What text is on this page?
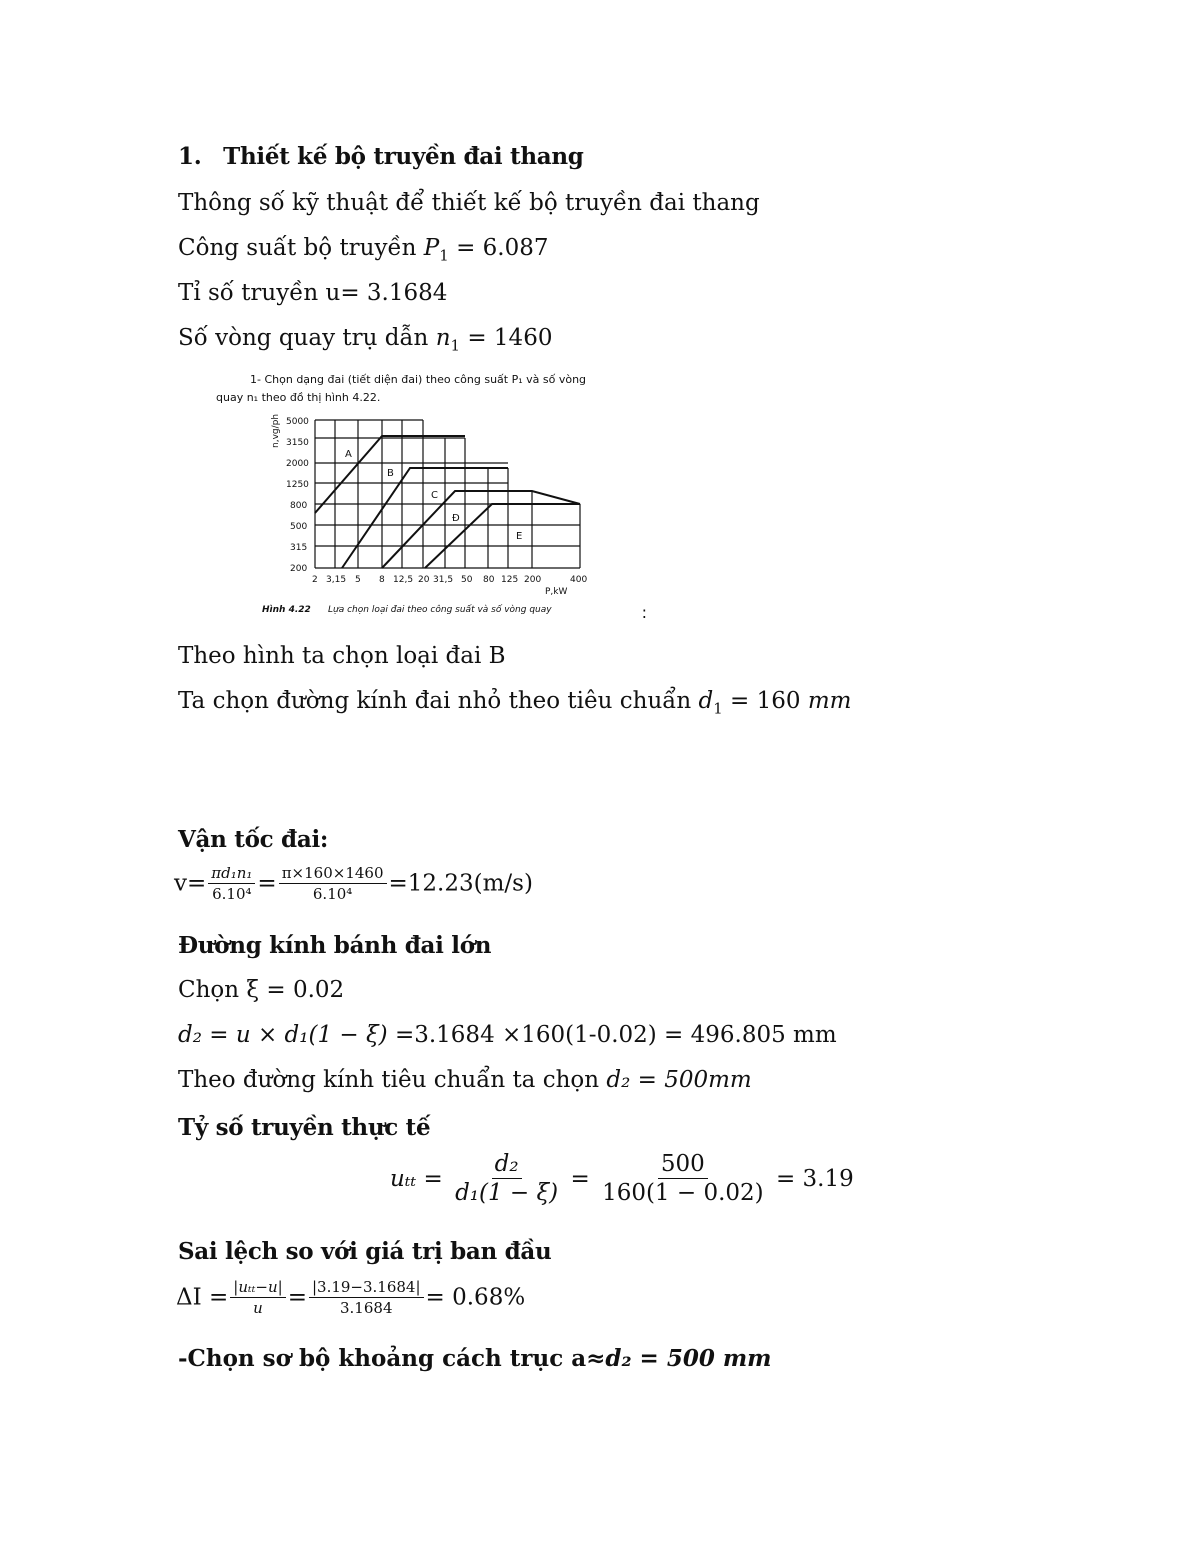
1. Thiết kế bộ truyền đai thang
Thông số kỹ thuật để thiết kế bộ truyền đai thang
Công suất bộ truyền $P_1 = 6.087$
Tỉ số truyền u= 3.1684
Số vòng quay trụ dẫn $n_1 = 1460$
1- Chọn dạng đai (tiết diện đai) theo công suất P₁ và số vòng
quay n₁ theo đồ thị hình 4.22.
n,vg/ph 5000
3150
2000
1250
800
500
315
200
2 3,15 5 8 12,5 20 31,5 50 80 125 200	400
P,kW
A
B
C
Đ
E
Hình 4.22 Lựa chọn loại đai theo công suất và số vòng quay	:
Theo hình ta chọn loại đai B
Ta chọn đường kính đai nhỏ theo tiêu chuẩn $d_1 = 160$ mm
Vận tốc đai:
$v= \frac{\text{πd₁n₁}}{\text{6.10⁴}} = \frac{\pi\times 160\times 1460}{\text{6.10⁴}} =12.23(m/s)$
Đường kính bánh đai lớn
Chọn ξ = 0.02
d₂ = u × d₁(1 − ξ) =3.1684 ×160(1-0.02) = 496.805 mm
Theo đường kính tiêu chuẩn ta chọn d₂ = 500mm
Tỷ số truyền thực tế
$u_{tt} = \frac{\text{d₂}}{\text{d₁(1 − ξ)}} = \frac{500}{160(1 - 0.02)} = 3.19$
Sai lệch so với giá trị ban đầu
$\Delta I = \frac{\text{|uₜₜ−u|}}{u} = \frac{|3.19-3.1684|}{3.1684} = 0.68\%$
-Chọn sơ bộ khoảng cách trục a≈d₂ = 500 mm
